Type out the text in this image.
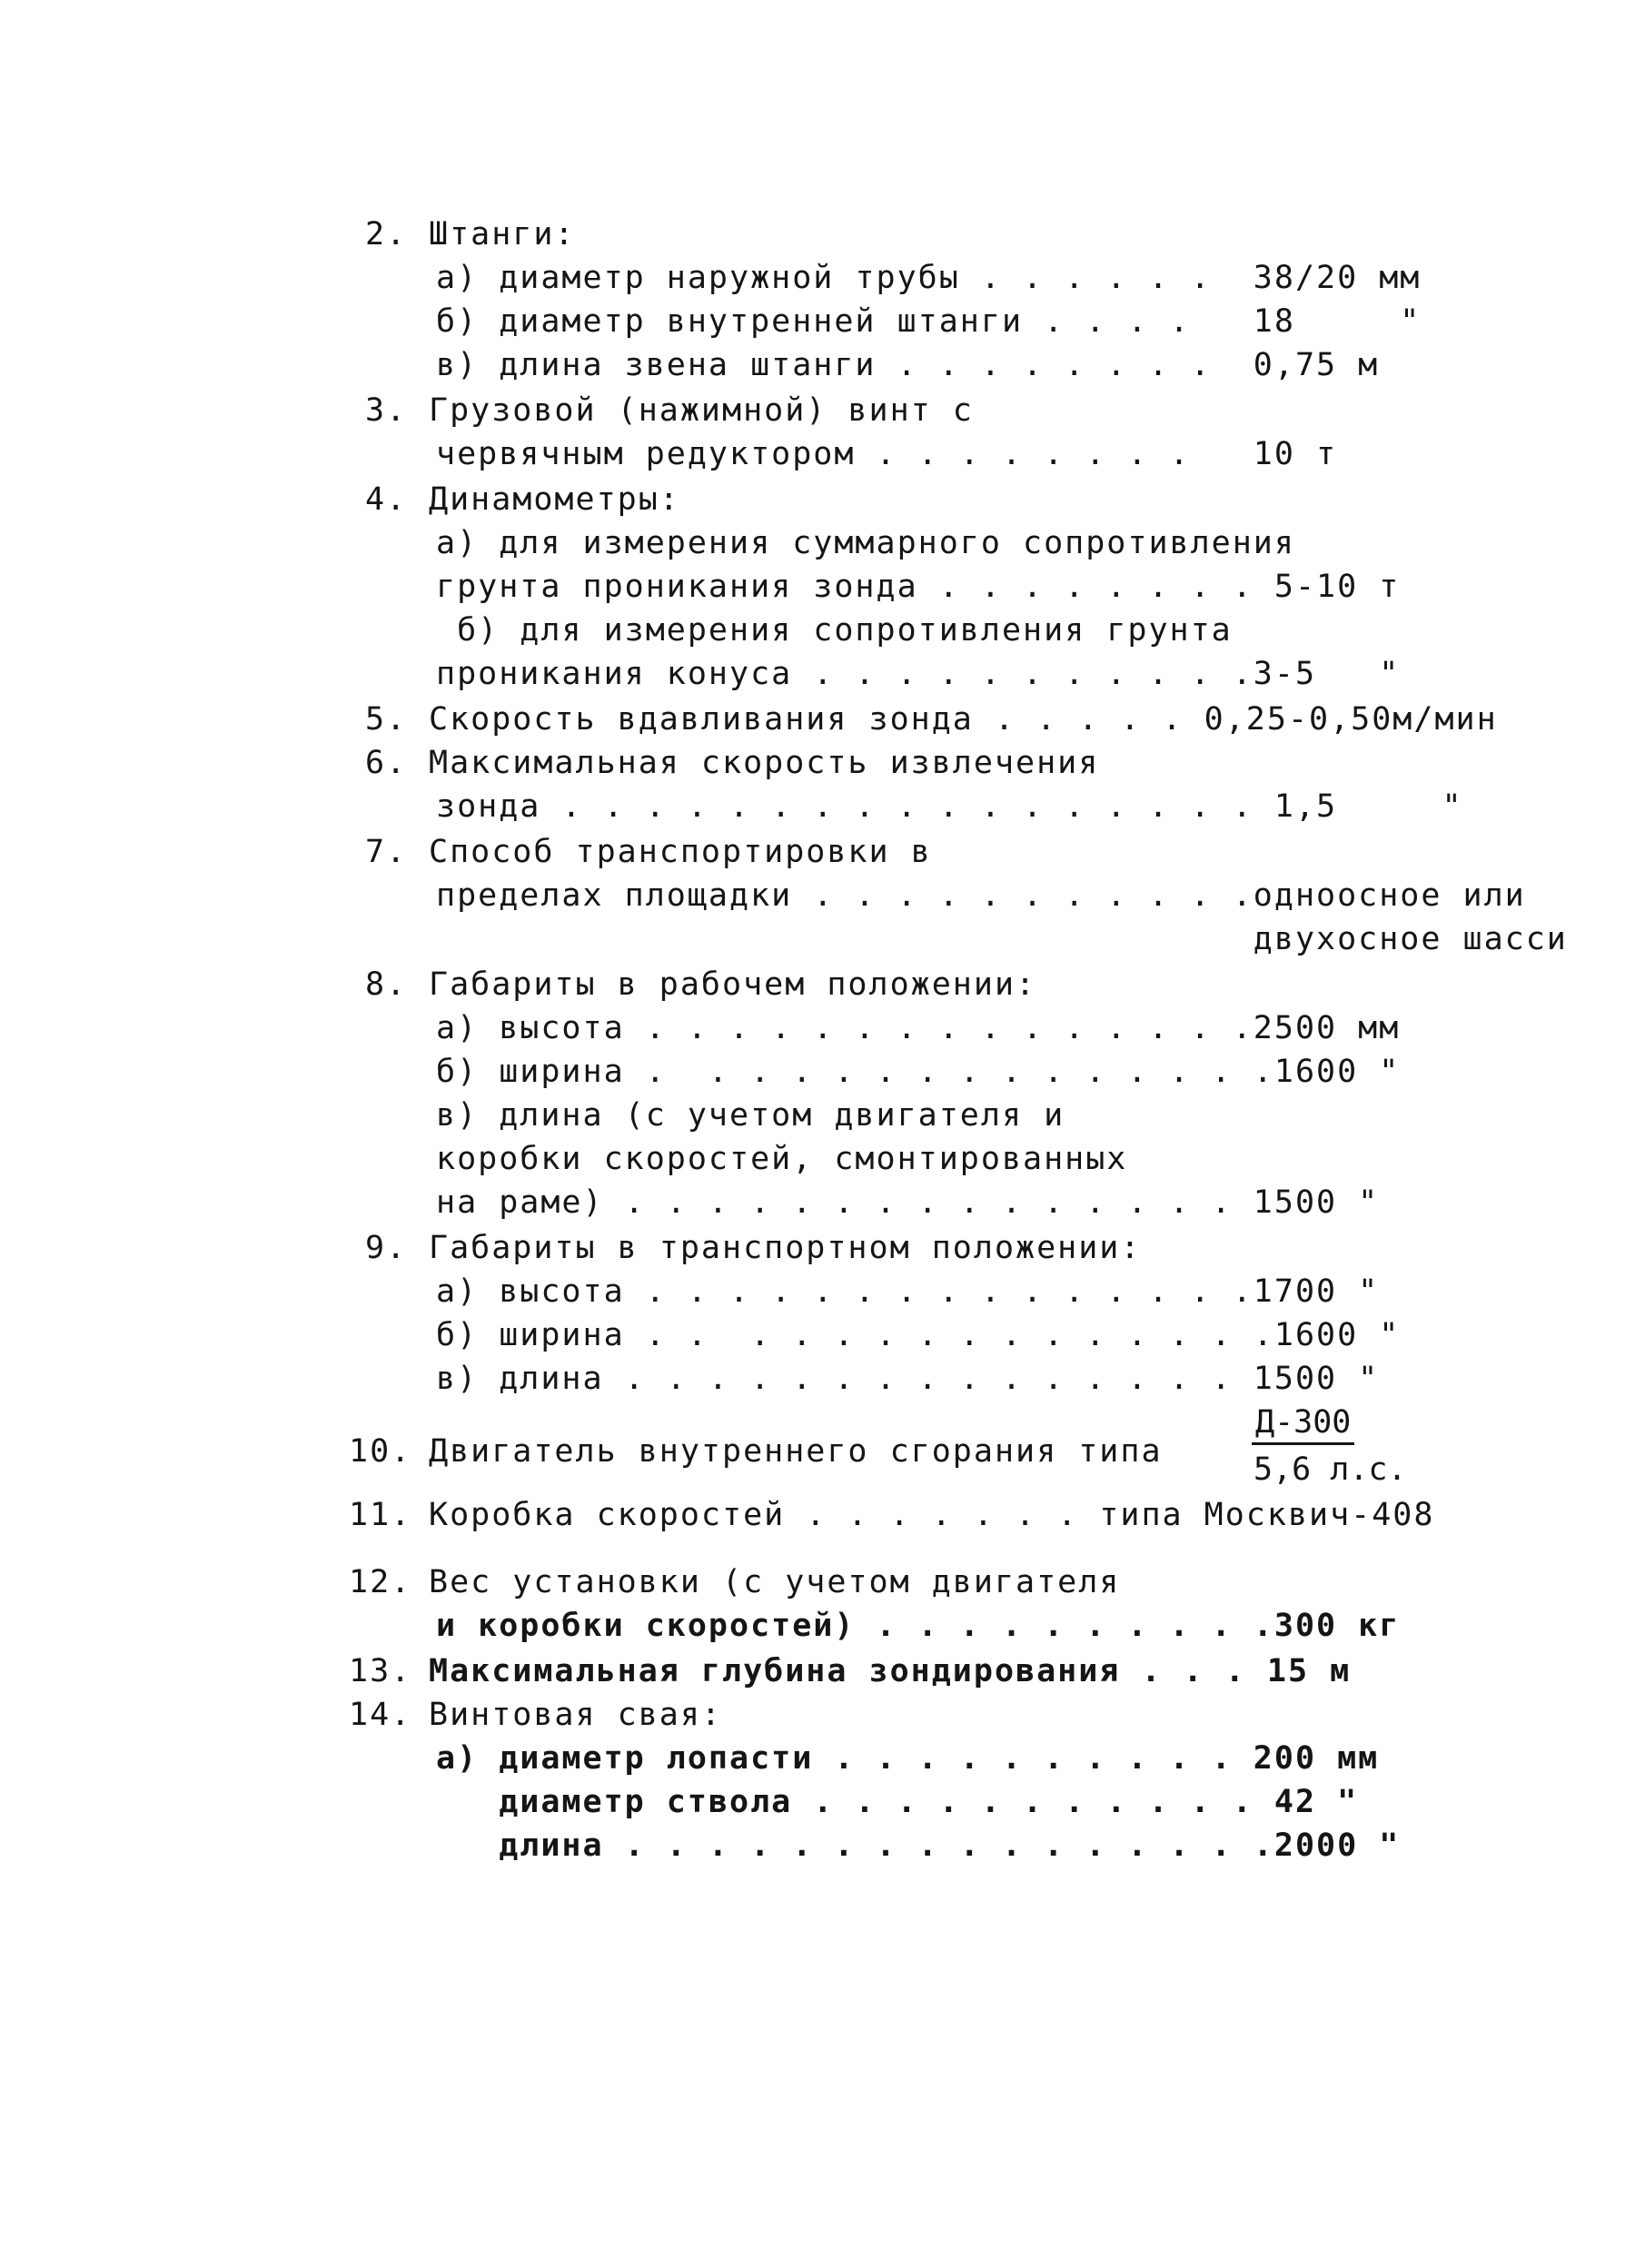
2. Штанги:
а) диаметр наружной трубы . . . . . .  38/20 мм
б) диаметр внутренней штанги . . . .   18     "
в) длина звена штанги . . . . . . . .  0,75 м
3. Грузовой (нажимной) винт с
червячным редуктором . . . . . . . .   10 т
4. Динамометры:
а) для измерения суммарного сопротивления
грунта проникания зонда . . . . . . . . 5-10 т
б) для измерения сопротивления грунта
проникания конуса . . . . . . . . . . .3-5   "
5. Скорость вдавливания зонда . . . . . 0,25-0,50м/мин
6. Максимальная скорость извлечения
зонда . . . . . . . . . . . . . . . . . 1,5     "
7. Способ транспортировки в
пределах площадки . . . . . . . . . . .одноосное или
двухосное шасси
8. Габариты в рабочем положении:
а) высота . . . . . . . . . . . . . . .2500 мм
б) ширина .  . . . . . . . . . . . . . .1600 "
в) длина (с учетом двигателя и
коробки скоростей, смонтированных
на раме) . . . . . . . . . . . . . . . 1500 "
9. Габариты в транспортном положении:
а) высота . . . . . . . . . . . . . . .1700 "
б) ширина . .  . . . . . . . . . . . . .1600 "
в) длина . . . . . . . . . . . . . . . 1500 "
10. Двигатель внутреннего сгорания типа
Д-300
5,6 л.с.
11. Коробка скоростей . . . . . . . типа Москвич-408
12. Вес установки (с учетом двигателя
и коробки скоростей) . . . . . . . . . .300 кг
13. Максимальная глубина зондирования . . . 15 м
14. Винтовая свая:
а) диаметр лопасти . . . . . . . . . . 200 мм
диаметр ствола . . . . . . . . . . . 42 "
длина . . . . . . . . . . . . . . . .2000 "
